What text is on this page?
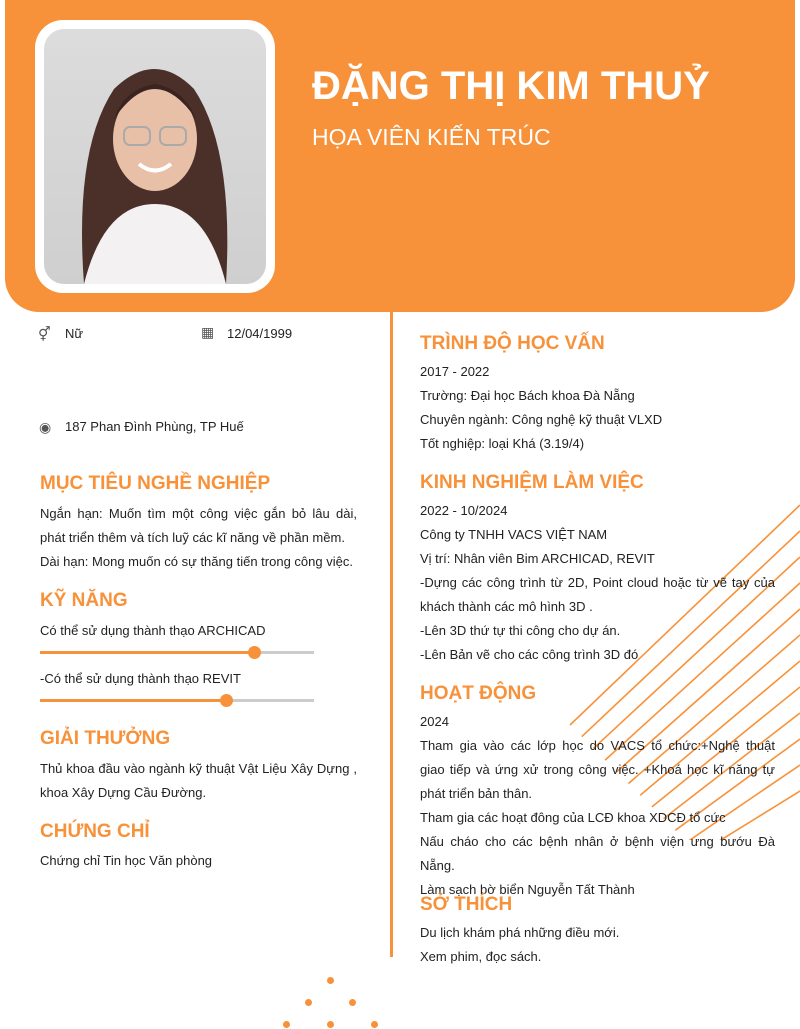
ĐẶNG THỊ KIM THUỶ
HỌA VIÊN KIẾN TRÚC
⚥ Nữ	▦ 12/04/1999
◉ 187 Phan Đình Phùng, TP Huế
MỤC TIÊU NGHỀ NGHIỆP
Ngắn hạn: Muốn tìm một công việc gắn bỏ lâu dài, phát triển thêm và tích luỹ các kĩ năng về phần mềm.
Dài hạn: Mong muốn có sự thăng tiến trong công việc.
KỸ NĂNG
Có thể sử dụng thành thạo ARCHICAD
-Có thể sử dụng thành thạo REVIT
GIẢI THƯỞNG
Thủ khoa đầu vào ngành kỹ thuật Vật Liệu Xây Dựng , khoa Xây Dựng Cầu Đường.
CHỨNG CHỈ
Chứng chỉ Tin học Văn phòng
TRÌNH ĐỘ HỌC VẤN
2017 - 2022
Trường: Đại học Bách khoa Đà Nẵng
Chuyên ngành: Công nghệ kỹ thuật VLXD
Tốt nghiệp: loại Khá (3.19/4)
KINH NGHIỆM LÀM VIỆC
2022 - 10/2024
Công ty TNHH VACS VIỆT NAM
Vị trí: Nhân viên Bim ARCHICAD, REVIT
-Dựng các công trình từ 2D, Point cloud hoặc từ vẽ tay của khách thành các mô hình 3D .
-Lên 3D thứ tự thi công cho dự án.
-Lên Bản vẽ cho các công trình 3D đó
HOẠT ĐỘNG
2024
Tham gia vào các lớp học do VACS tổ chức:+Nghệ thuật giao tiếp và ứng xử trong công việc. +Khoá học kĩ năng tự phát triển bản thân.
Tham gia các hoạt đông của LCĐ khoa XDCĐ tổ cức
Nấu cháo cho các bệnh nhân ở bệnh viện ưng bướu Đà Nẵng.
Làm sạch bờ biển Nguyễn Tất Thành
SỞ THÍCH
Du lịch khám phá những điều mới.
Xem phim, đọc sách.
